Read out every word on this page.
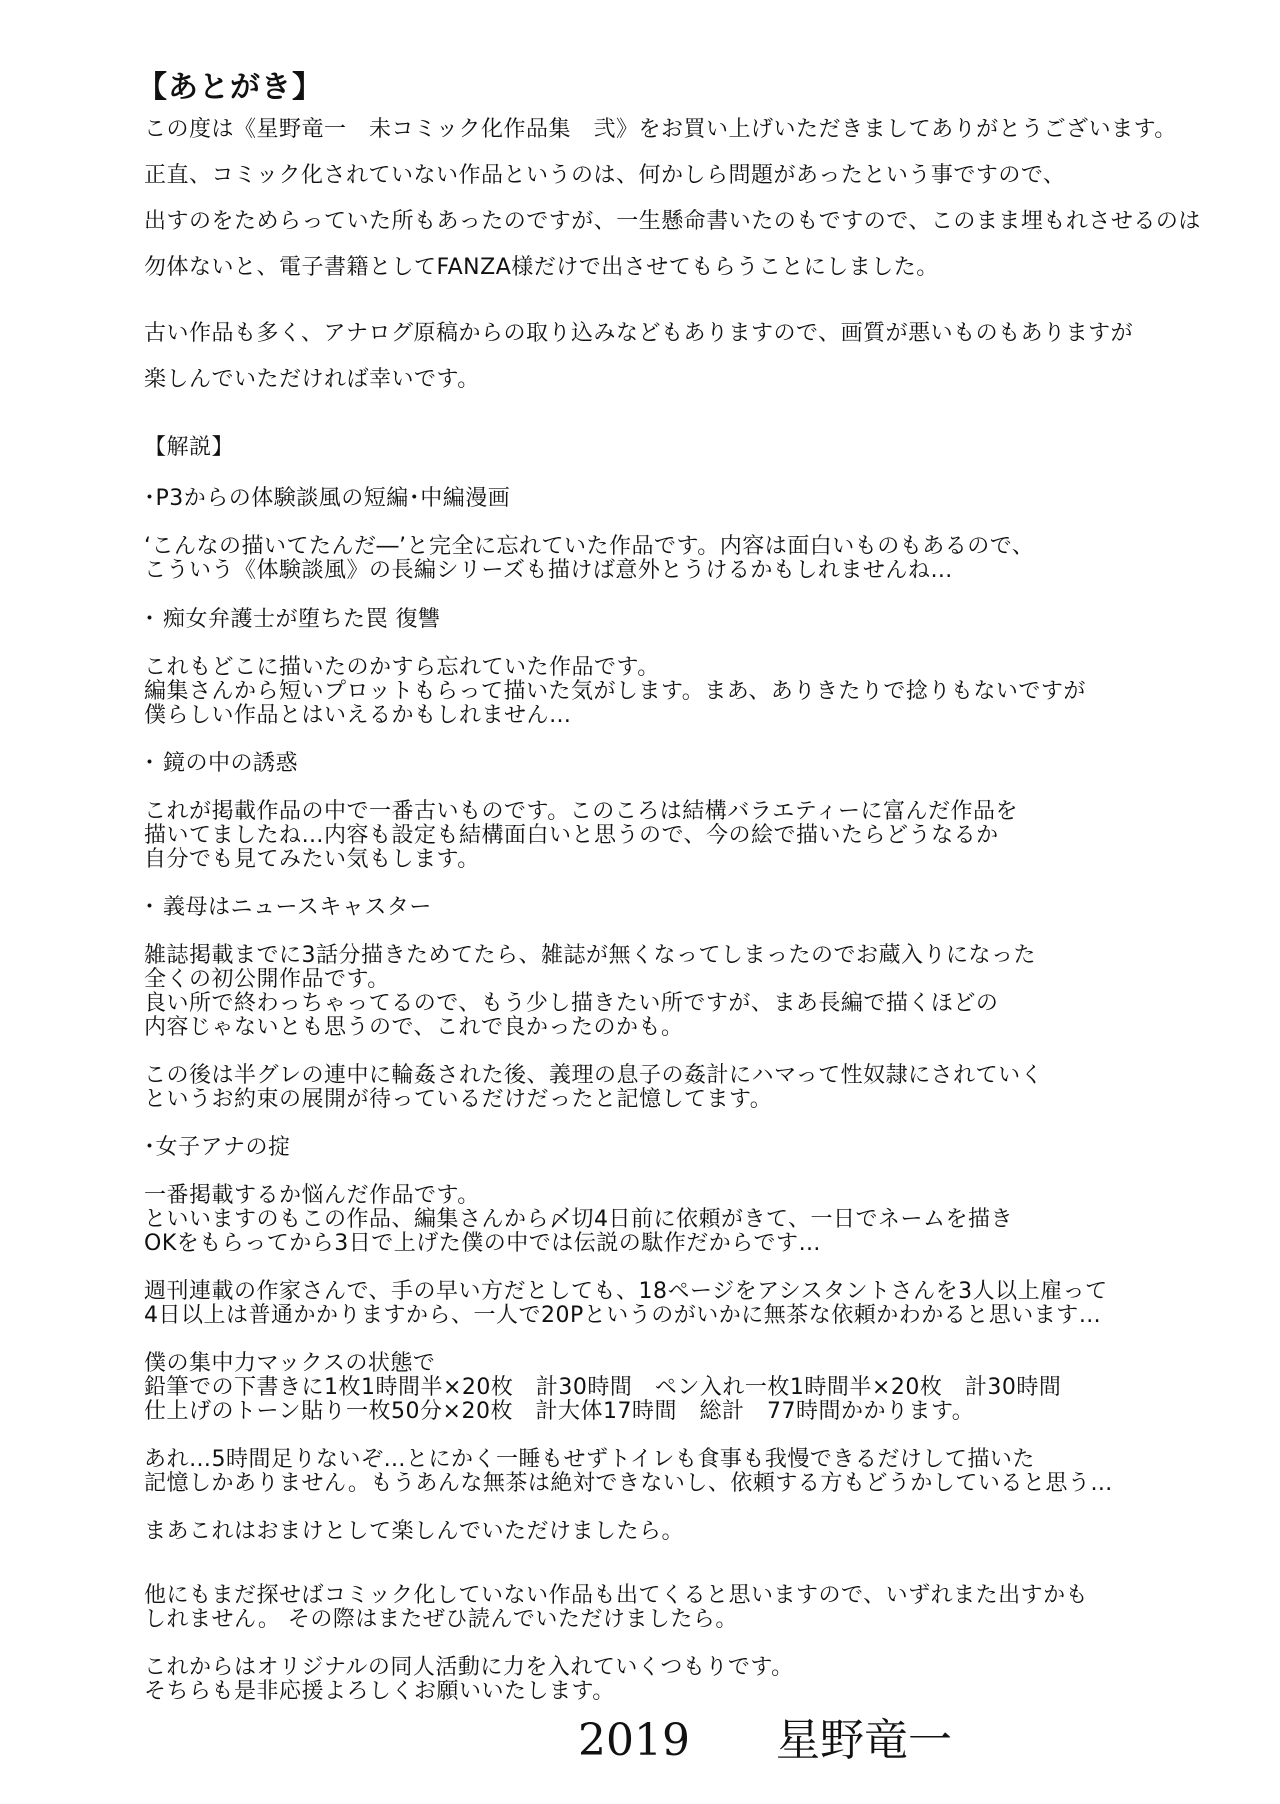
【あとがき】
この度は《星野竜一　未コミック化作品集　弐》をお買い上げいただきましてありがとうございます。
正直、コミック化されていない作品というのは、何かしら問題があったという事ですので、
出すのをためらっていた所もあったのですが、一生懸命書いたのもですので、このまま埋もれさせるのは
勿体ないと、電子書籍としてFANZA様だけで出させてもらうことにしました。
古い作品も多く、アナログ原稿からの取り込みなどもありますので、画質が悪いものもありますが
楽しんでいただければ幸いです。
【解説】
･P3からの体験談風の短編･中編漫画
‘こんなの描いてたんだ―’と完全に忘れていた作品です。内容は面白いものもあるので、
こういう《体験談風》の長編シリーズも描けば意外とうけるかもしれませんね…
･ 痴女弁護士が堕ちた罠 復讐
これもどこに描いたのかすら忘れていた作品です。
編集さんから短いプロットもらって描いた気がします。まあ、ありきたりで捻りもないですが
僕らしい作品とはいえるかもしれません…
･ 鏡の中の誘惑
これが掲載作品の中で一番古いものです。このころは結構バラエティーに富んだ作品を
描いてましたね…内容も設定も結構面白いと思うので、今の絵で描いたらどうなるか
自分でも見てみたい気もします。
･ 義母はニュースキャスター
雑誌掲載までに3話分描きためてたら、雑誌が無くなってしまったのでお蔵入りになった
全くの初公開作品です。
良い所で終わっちゃってるので、もう少し描きたい所ですが、まあ長編で描くほどの
内容じゃないとも思うので、これで良かったのかも。
この後は半グレの連中に輪姦された後、義理の息子の姦計にハマって性奴隷にされていく
というお約束の展開が待っているだけだったと記憶してます。
･女子アナの掟
一番掲載するか悩んだ作品です。
といいますのもこの作品、編集さんから〆切4日前に依頼がきて、一日でネームを描き
OKをもらってから3日で上げた僕の中では伝説の駄作だからです…
週刊連載の作家さんで、手の早い方だとしても、18ページをアシスタントさんを3人以上雇って
4日以上は普通かかりますから、一人で20Pというのがいかに無茶な依頼かわかると思います…
僕の集中力マックスの状態で
鉛筆での下書きに1枚1時間半×20枚　計30時間　ペン入れ一枚1時間半×20枚　計30時間
仕上げのトーン貼り一枚50分×20枚　計大体17時間　総計　77時間かかります。
あれ…5時間足りないぞ…とにかく一睡もせずトイレも食事も我慢できるだけして描いた
記憶しかありません。もうあんな無茶は絶対できないし、依頼する方もどうかしていると思う…
まあこれはおまけとして楽しんでいただけましたら。
他にもまだ探せばコミック化していない作品も出てくると思いますので、いずれまた出すかも
しれません。 その際はまたぜひ読んでいただけましたら。
これからはオリジナルの同人活動に力を入れていくつもりです。
そちらも是非応援よろしくお願いいたします。
2019 星野竜一
